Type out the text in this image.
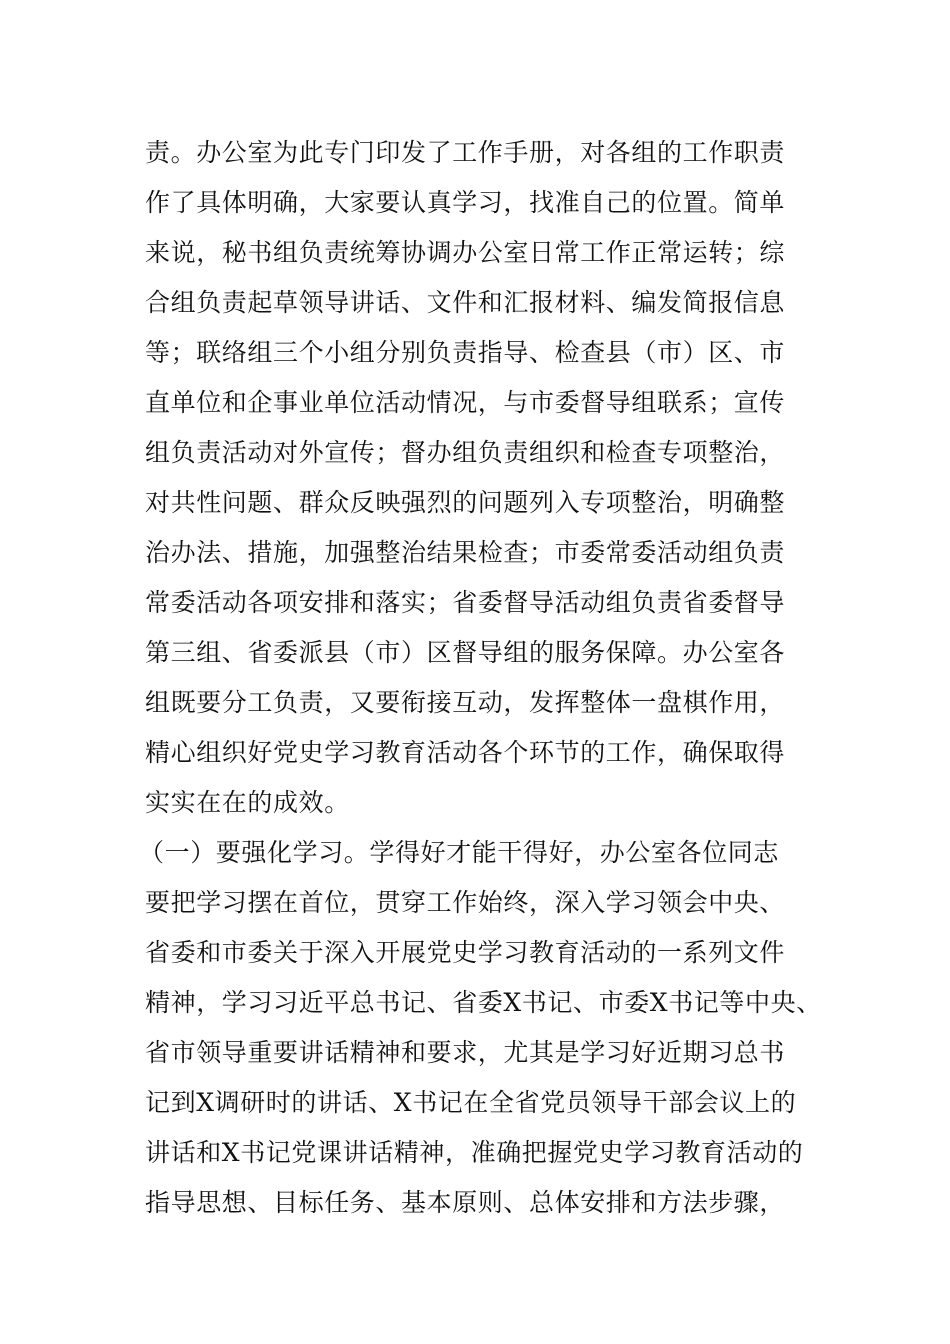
责。办公室为此专门印发了工作手册，对各组的工作职责
作了具体明确，大家要认真学习，找准自己的位置。简单
来说，秘书组负责统筹协调办公室日常工作正常运转；综
合组负责起草领导讲话、文件和汇报材料、编发简报信息
等；联络组三个小组分别负责指导、检查县（市）区、市
直单位和企事业单位活动情况，与市委督导组联系；宣传
组负责活动对外宣传；督办组负责组织和检查专项整治，
对共性问题、群众反映强烈的问题列入专项整治，明确整
治办法、措施，加强整治结果检查；市委常委活动组负责
常委活动各项安排和落实；省委督导活动组负责省委督导
第三组、省委派县（市）区督导组的服务保障。办公室各
组既要分工负责，又要衔接互动，发挥整体一盘棋作用，
精心组织好党史学习教育活动各个环节的工作，确保取得
实实在在的成效。
（一）要强化学习。学得好才能干得好，办公室各位同志
要把学习摆在首位，贯穿工作始终，深入学习领会中央、
省委和市委关于深入开展党史学习教育活动的一系列文件
精神，学习习近平总书记、省委X书记、市委X书记等中央、
省市领导重要讲话精神和要求，尤其是学习好近期习总书
记到X调研时的讲话、X书记在全省党员领导干部会议上的
讲话和X书记党课讲话精神，准确把握党史学习教育活动的
指导思想、目标任务、基本原则、总体安排和方法步骤，
